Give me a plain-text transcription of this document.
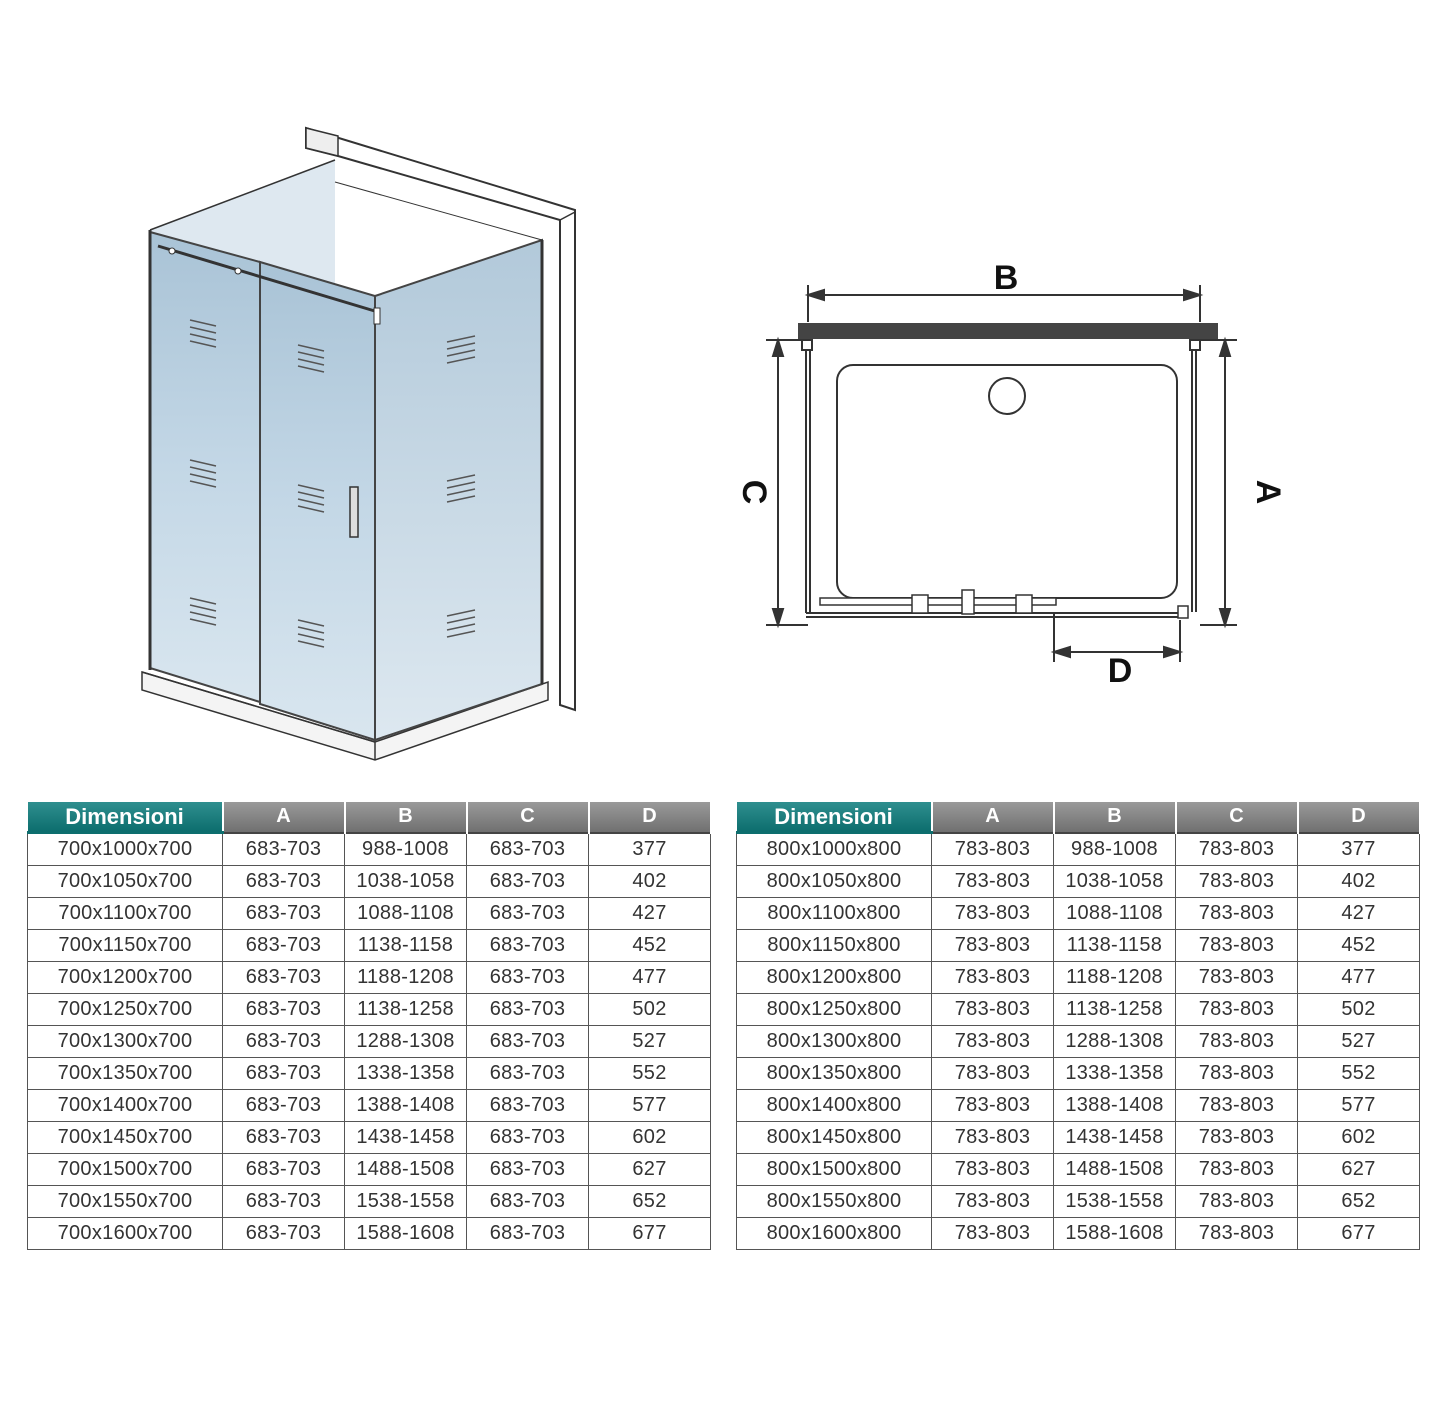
B
C	A
D
Dimensioni	A	B	C	D
700x1000x700	683-703	988-1008	683-703	377
700x1050x700	683-703	1038-1058	683-703	402
700x1100x700	683-703	1088-1108	683-703	427
700x1150x700	683-703	1138-1158	683-703	452
700x1200x700	683-703	1188-1208	683-703	477
700x1250x700	683-703	1138-1258	683-703	502
700x1300x700	683-703	1288-1308	683-703	527
700x1350x700	683-703	1338-1358	683-703	552
700x1400x700	683-703	1388-1408	683-703	577
700x1450x700	683-703	1438-1458	683-703	602
700x1500x700	683-703	1488-1508	683-703	627
700x1550x700	683-703	1538-1558	683-703	652
700x1600x700	683-703	1588-1608	683-703	677
Dimensioni	A	B	C	D
800x1000x800	783-803	988-1008	783-803	377
800x1050x800	783-803	1038-1058	783-803	402
800x1100x800	783-803	1088-1108	783-803	427
800x1150x800	783-803	1138-1158	783-803	452
800x1200x800	783-803	1188-1208	783-803	477
800x1250x800	783-803	1138-1258	783-803	502
800x1300x800	783-803	1288-1308	783-803	527
800x1350x800	783-803	1338-1358	783-803	552
800x1400x800	783-803	1388-1408	783-803	577
800x1450x800	783-803	1438-1458	783-803	602
800x1500x800	783-803	1488-1508	783-803	627
800x1550x800	783-803	1538-1558	783-803	652
800x1600x800	783-803	1588-1608	783-803	677
